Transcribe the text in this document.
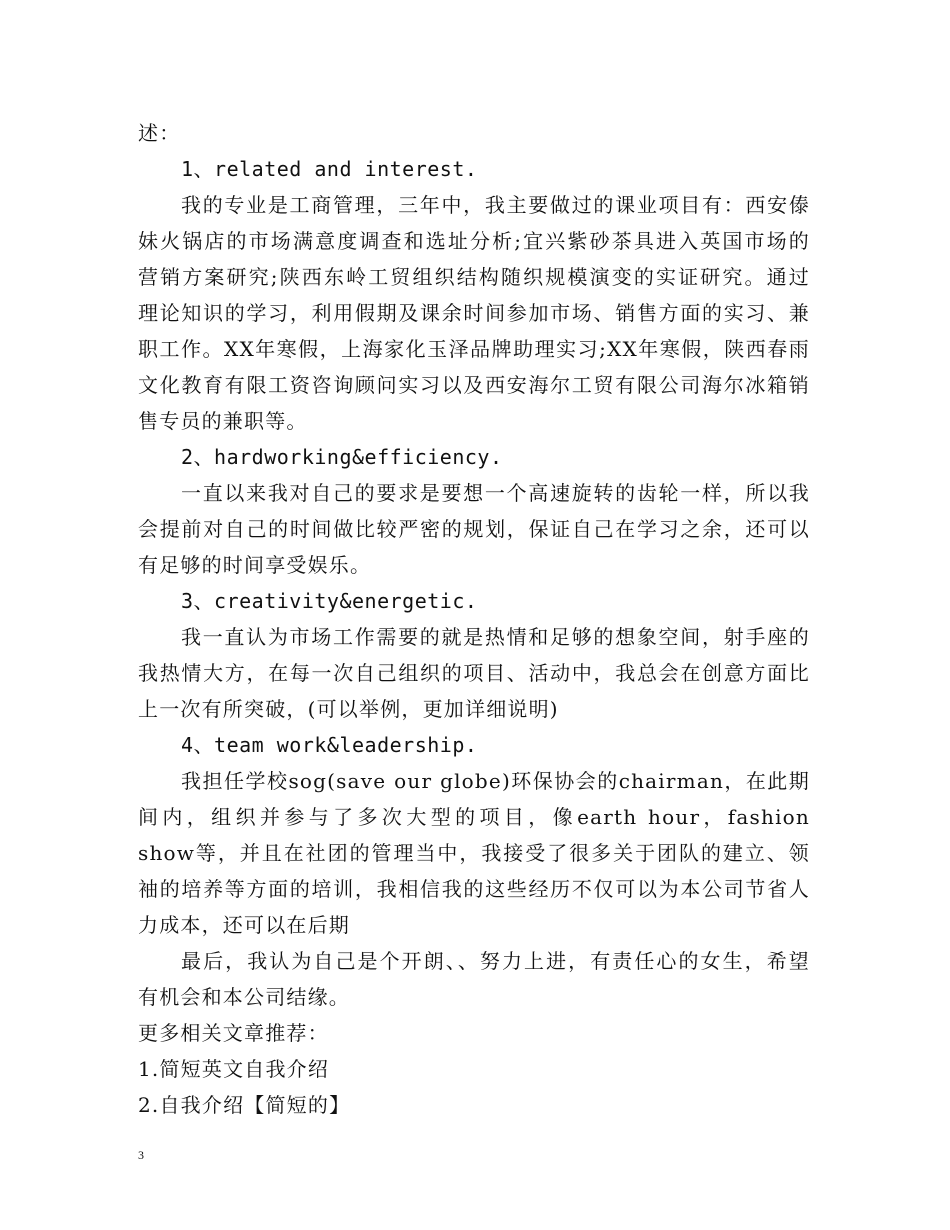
述：
1、related and interest.
我的专业是工商管理，三年中，我主要做过的课业项目有：西安傣
妹火锅店的市场满意度调查和选址分析;宜兴紫砂茶具进入英国市场的
营销方案研究;陕西东岭工贸组织结构随织规模演变的实证研究。通过
理论知识的学习，利用假期及课余时间参加市场、销售方面的实习、兼
职工作。XX年寒假，上海家化玉泽品牌助理实习;XX年寒假，陕西春雨
文化教育有限工资咨询顾问实习以及西安海尔工贸有限公司海尔冰箱销
售专员的兼职等。
2、hardworking&efficiency.
一直以来我对自己的要求是要想一个高速旋转的齿轮一样，所以我
会提前对自己的时间做比较严密的规划，保证自己在学习之余，还可以
有足够的时间享受娱乐。
3、creativity&energetic.
我一直认为市场工作需要的就是热情和足够的想象空间，射手座的
我热情大方，在每一次自己组织的项目、活动中，我总会在创意方面比
上一次有所突破，(可以举例，更加详细说明)
4、team work&leadership.
我担任学校sog(save our globe)环保协会的chairman，在此期
间内，组织并参与了多次大型的项目，像earth hour，fashion
show等，并且在社团的管理当中，我接受了很多关于团队的建立、领
袖的培养等方面的培训，我相信我的这些经历不仅可以为本公司节省人
力成本，还可以在后期
最后，我认为自己是个开朗、、努力上进，有责任心的女生，希望
有机会和本公司结缘。
更多相关文章推荐：
1.简短英文自我介绍
2.自我介绍【简短的】
3
